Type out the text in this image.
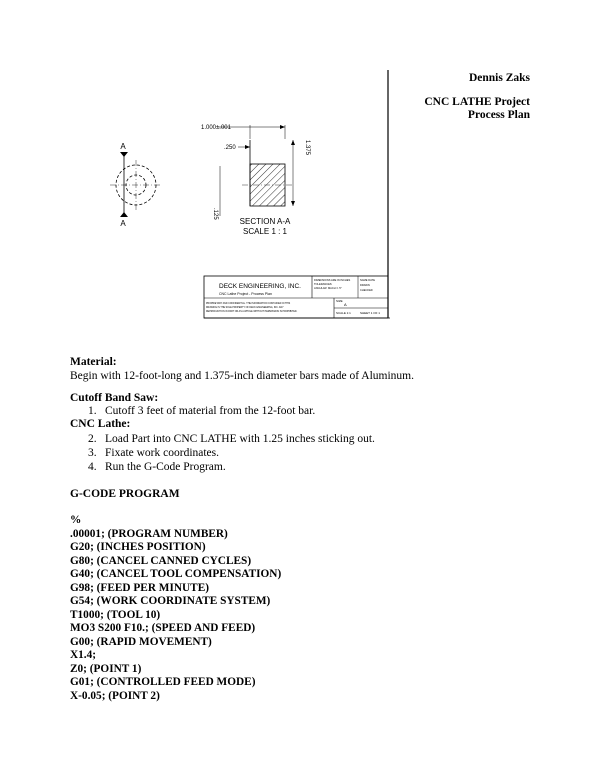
Dennis Zaks
CNC LATHE Project
Process Plan
A
A
1.000±.001
.250	1.375
.125
SECTION A-A
SCALE 1 : 1
DECK ENGINEERING, INC.
CNC Lathe Project - Process Plan
DIMENSIONS ARE IN INCHES
TOLERANCES:
ANGULAR: MACH ± .5°
NAME DATE
DRAWN
CHECKED
PROPRIETARY AND CONFIDENTIAL. THE INFORMATION CONTAINED IN THIS
DRAWING IS THE SOLE PROPERTY OF DECK ENGINEERING, INC. ANY
REPRODUCTION IN PART OR AS A WHOLE WITHOUT PERMISSION IS PROHIBITED.
SIZE
A
SCALE 1:1	SHEET 1 OF 1
Material:
Begin with 12-foot-long and 1.375-inch diameter bars made of Aluminum.
Cutoff Band Saw:
1. Cutoff 3 feet of material from the 12-foot bar.
CNC Lathe:
2. Load Part into CNC LATHE with 1.25 inches sticking out.
3. Fixate work coordinates.
4. Run the G-Code Program.
G-CODE PROGRAM
%
.00001; (PROGRAM NUMBER)
G20; (INCHES POSITION)
G80; (CANCEL CANNED CYCLES)
G40; (CANCEL TOOL COMPENSATION)
G98; (FEED PER MINUTE)
G54; (WORK COORDINATE SYSTEM)
T1000; (TOOL 10)
MO3 S200 F10.; (SPEED AND FEED)
G00; (RAPID MOVEMENT)
X1.4;
Z0; (POINT 1)
G01; (CONTROLLED FEED MODE)
X-0.05; (POINT 2)
